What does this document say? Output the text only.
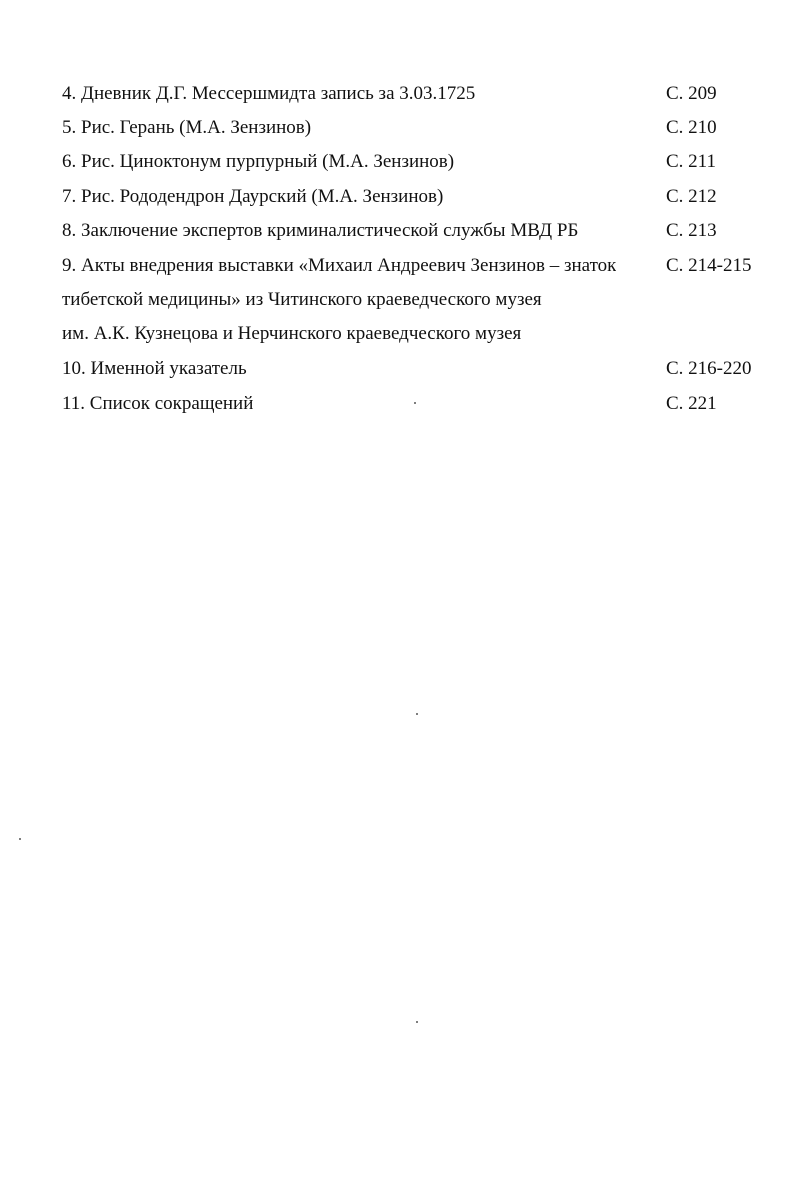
4. Дневник Д.Г. Мессершмидта запись за 3.03.1725	С. 209
5. Рис. Герань (М.А. Зензинов)	С. 210
6. Рис. Циноктонум пурпурный (М.А. Зензинов)	С. 211
7. Рис. Рододендрон Даурский (М.А. Зензинов)	С. 212
8. Заключение экспертов криминалистической службы МВД РБ	С. 213
9. Акты внедрения выставки «Михаил Андреевич Зензинов – знаток	С. 214-215
тибетской медицины» из Читинского краеведческого музея
им. А.К. Кузнецова и Нерчинского краеведческого музея
10. Именной указатель	С. 216-220
11. Список сокращений	С. 221
